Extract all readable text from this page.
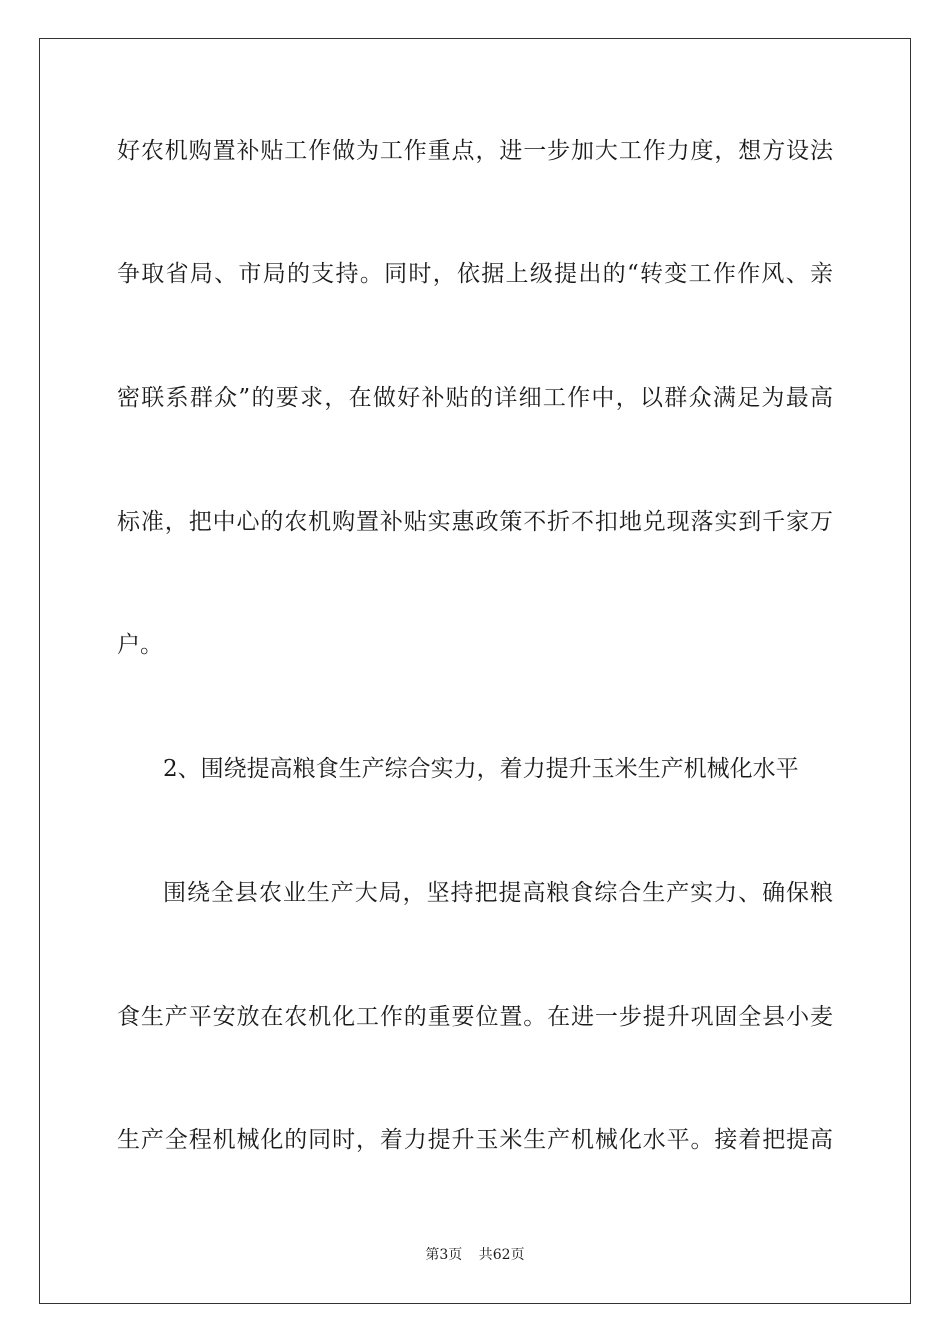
好农机购置补贴工作做为工作重点，进一步加大工作力度，想方设法
争取省局、市局的支持。同时，依据上级提出的“转变工作作风、亲
密联系群众”的要求，在做好补贴的详细工作中，以群众满足为最高
标准，把中心的农机购置补贴实惠政策不折不扣地兑现落实到千家万
户。
2、围绕提高粮食生产综合实力，着力提升玉米生产机械化水平
围绕全县农业生产大局，坚持把提高粮食综合生产实力、确保粮
食生产平安放在农机化工作的重要位置。在进一步提升巩固全县小麦
生产全程机械化的同时，着力提升玉米生产机械化水平。接着把提高
第3页 共62页
